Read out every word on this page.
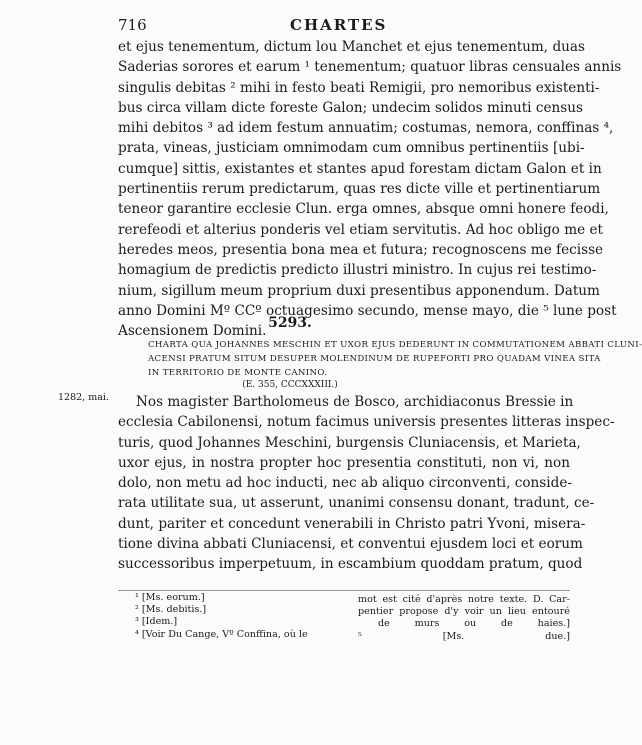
716	CHARTES
et ejus tenementum, dictum lou Manchet et ejus tenementum, duas
Saderias sorores et earum ¹ tenementum; quatuor libras censuales annis
singulis debitas ² mihi in festo beati Remigii, pro nemoribus existenti-
bus circa villam dicte foreste Galon; undecim solidos minuti census
mihi debitos ³ ad idem festum annuatim; costumas, nemora, conffinas ⁴,
prata, vineas, justiciam omnimodam cum omnibus pertinentiis [ubi-
cumque] sittis, existantes et stantes apud forestam dictam Galon et in
pertinentiis rerum predictarum, quas res dicte ville et pertinentiarum
teneor garantire ecclesie Clun. erga omnes, absque omni honere feodi,
rerefeodi et alterius ponderis vel etiam servitutis. Ad hoc obligo me et
heredes meos, presentia bona mea et futura; recognoscens me fecisse
homagium de predictis predicto illustri ministro. In cujus rei testimo-
nium, sigillum meum proprium duxi presentibus apponendum. Datum
anno Domini Mº CCº octuagesimo secundo, mense mayo, die ⁵ lune post
Ascensionem Domini.
5293.
CHARTA QUA JOHANNES MESCHIN ET UXOR EJUS DEDERUNT IN COMMUTATIONEM ABBATI CLUNI-
ACENSI PRATUM SITUM DESUPER MOLENDINUM DE RUPEFORTI PRO QUADAM VINEA SITA
IN TERRITORIO DE MONTE CANINO.
(E. 355, CCCXXXIII.)
1282, mai.	Nos magister Bartholomeus de Bosco, archidiaconus Bressie in
ecclesia Cabilonensi, notum facimus universis presentes litteras inspec-
turis, quod Johannes Meschini, burgensis Cluniacensis, et Marieta,
uxor ejus, in nostra propter hoc presentia constituti, non vi, non
dolo, non metu ad hoc inducti, nec ab aliquo circonventi, conside-
rata utilitate sua, ut asserunt, unanimi consensu donant, tradunt, ce-
dunt, pariter et concedunt venerabili in Christo patri Yvoni, misera-
tione divina abbati Cluniacensi, et conventui ejusdem loci et eorum
successoribus imperpetuum, in escambium quoddam pratum, quod
¹ [Ms. eorum.]
² [Ms. debitis.]
³ [Idem.]
⁴ [Voir Du Cange, Vº Conffina, où le
mot est cité d'après notre texte. D. Car-
pentier propose d'y voir un lieu entouré
de murs ou de haies.]
⁵ [Ms. due.]
